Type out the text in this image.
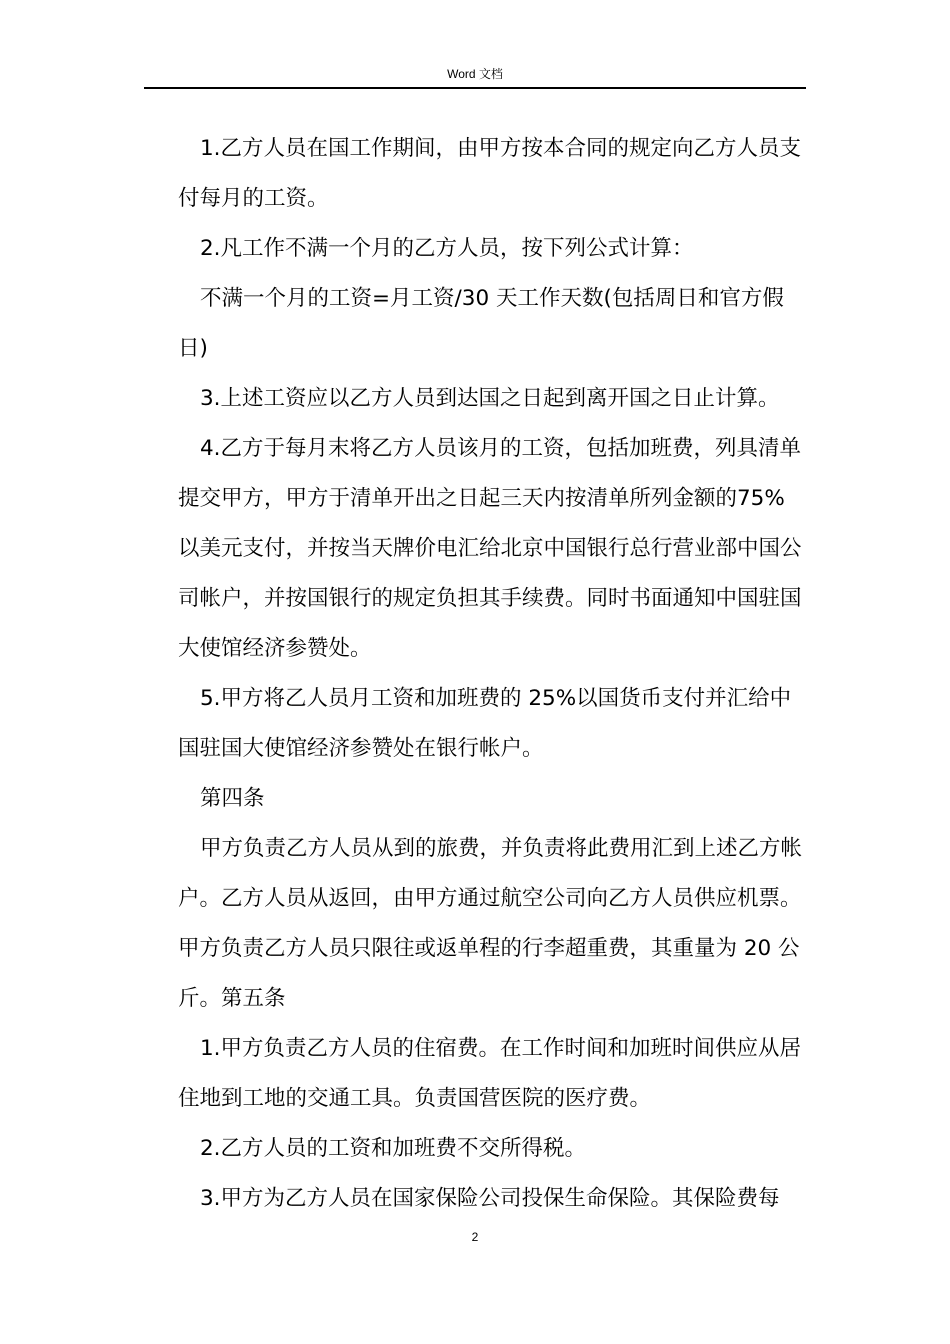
Word 文档

1.乙方人员在国工作期间，由甲方按本合同的规定向乙方人员支付每月的工资。

2.凡工作不满一个月的乙方人员，按下列公式计算：

不满一个月的工资=月工资/30 天工作天数(包括周日和官方假日)

3.上述工资应以乙方人员到达国之日起到离开国之日止计算。

4.乙方于每月末将乙方人员该月的工资，包括加班费，列具清单提交甲方，甲方于清单开出之日起三天内按清单所列金额的75%以美元支付，并按当天牌价电汇给北京中国银行总行营业部中国公司帐户，并按国银行的规定负担其手续费。同时书面通知中国驻国大使馆经济参赞处。

5.甲方将乙人员月工资和加班费的 25%以国货币支付并汇给中国驻国大使馆经济参赞处在银行帐户。

第四条

甲方负责乙方人员从到的旅费，并负责将此费用汇到上述乙方帐户。乙方人员从返回，由甲方通过航空公司向乙方人员供应机票。甲方负责乙方人员只限往或返单程的行李超重费，其重量为 20 公斤。第五条

1.甲方负责乙方人员的住宿费。在工作时间和加班时间供应从居住地到工地的交通工具。负责国营医院的医疗费。

2.乙方人员的工资和加班费不交所得税。

3.甲方为乙方人员在国家保险公司投保生命保险。其保险费每

2
